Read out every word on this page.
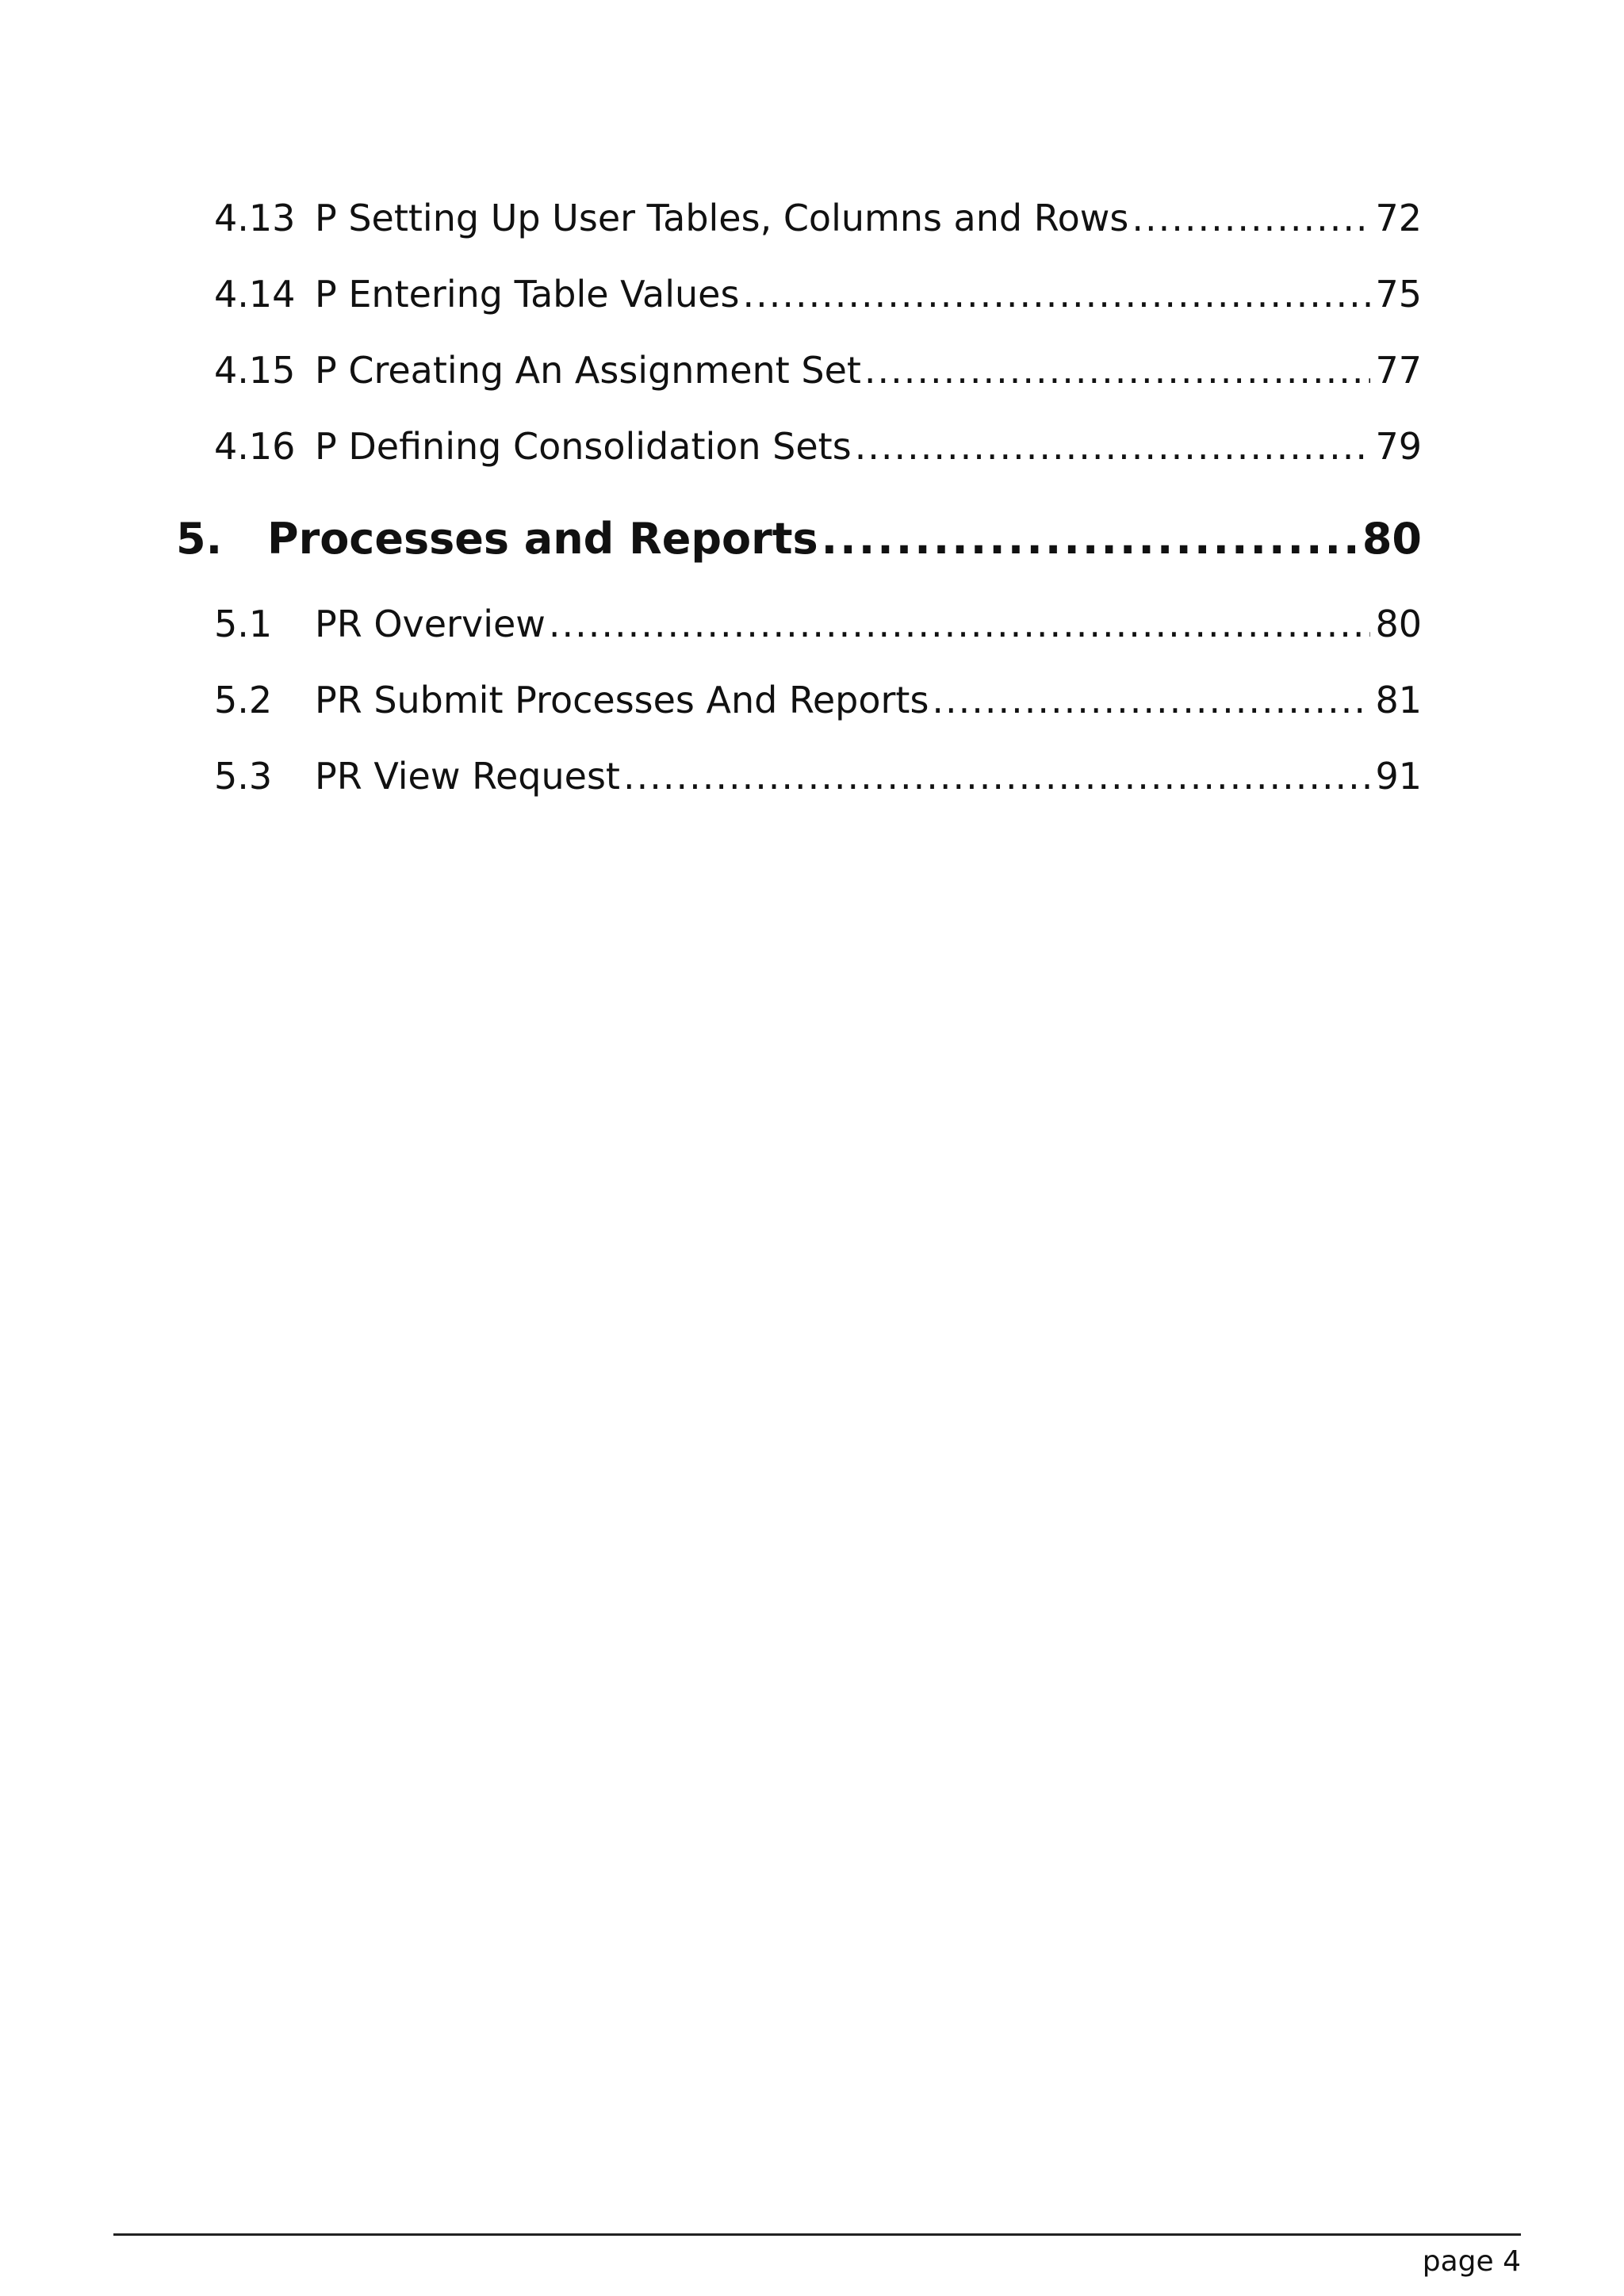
4.13 P Setting Up User Tables, Columns and Rows .....	72
4.14 P Entering Table Values .....	75
4.15 P Creating An Assignment Set .....	77
4.16 P Defining Consolidation Sets .....	79
5.	Processes and Reports .....	80
5.1	PR Overview .....	80
5.2	PR Submit Processes And Reports .....	81
5.3	PR View Request .....	91
page 4
